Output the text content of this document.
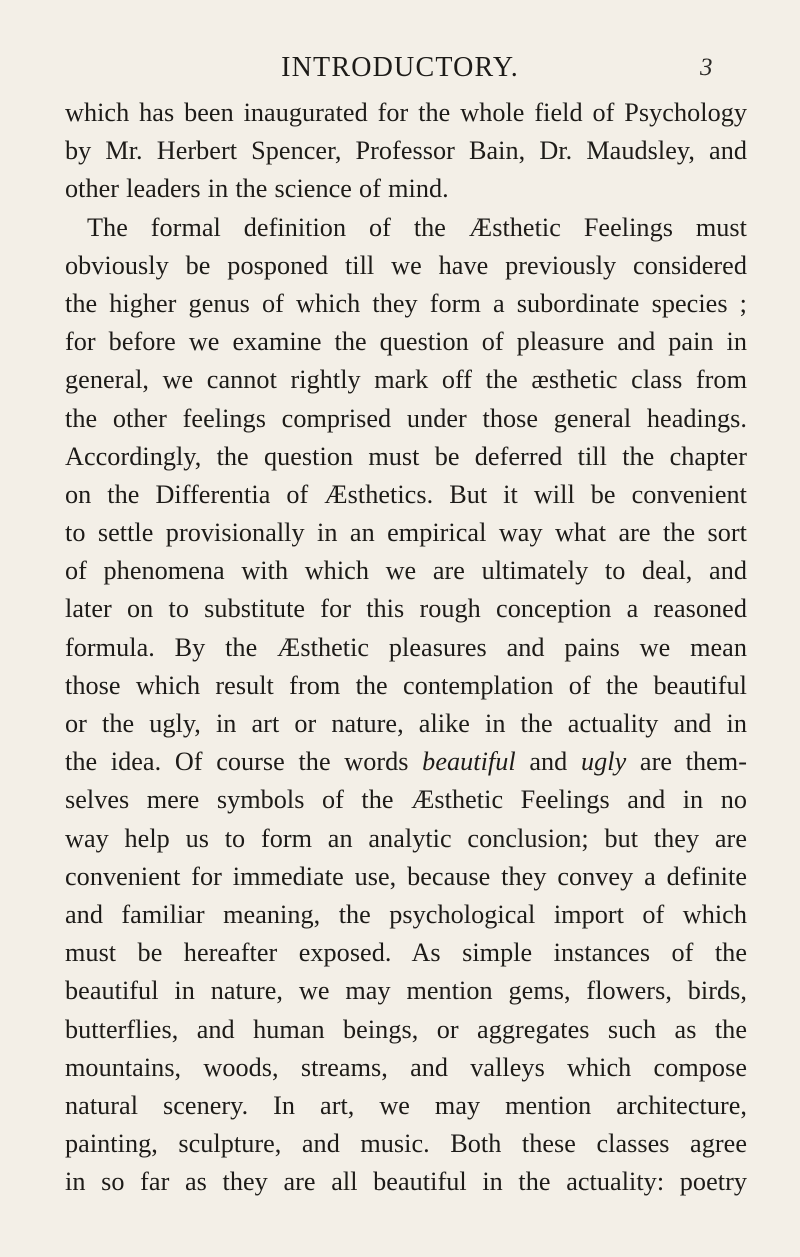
INTRODUCTORY.	3
which has been inaugurated for the whole field of Psychology
by Mr. Herbert Spencer, Professor Bain, Dr. Maudsley, and
other leaders in the science of mind.
The formal definition of the Æsthetic Feelings must
obviously be posponed till we have previously considered
the higher genus of which they form a subordinate species ;
for before we examine the question of pleasure and pain in
general, we cannot rightly mark off the æsthetic class from
the other feelings comprised under those general headings.
Accordingly, the question must be deferred till the chapter
on the Differentia of Æsthetics. But it will be convenient
to settle provisionally in an empirical way what are the sort
of phenomena with which we are ultimately to deal, and
later on to substitute for this rough conception a reasoned
formula. By the Æsthetic pleasures and pains we mean
those which result from the contemplation of the beautiful
or the ugly, in art or nature, alike in the actuality and in
the idea. Of course the words beautiful and ugly are them-
selves mere symbols of the Æsthetic Feelings and in no
way help us to form an analytic conclusion; but they are
convenient for immediate use, because they convey a definite
and familiar meaning, the psychological import of which
must be hereafter exposed. As simple instances of the
beautiful in nature, we may mention gems, flowers, birds,
butterflies, and human beings, or aggregates such as the
mountains, woods, streams, and valleys which compose
natural scenery. In art, we may mention architecture,
painting, sculpture, and music. Both these classes agree
in so far as they are all beautiful in the actuality: poetry
